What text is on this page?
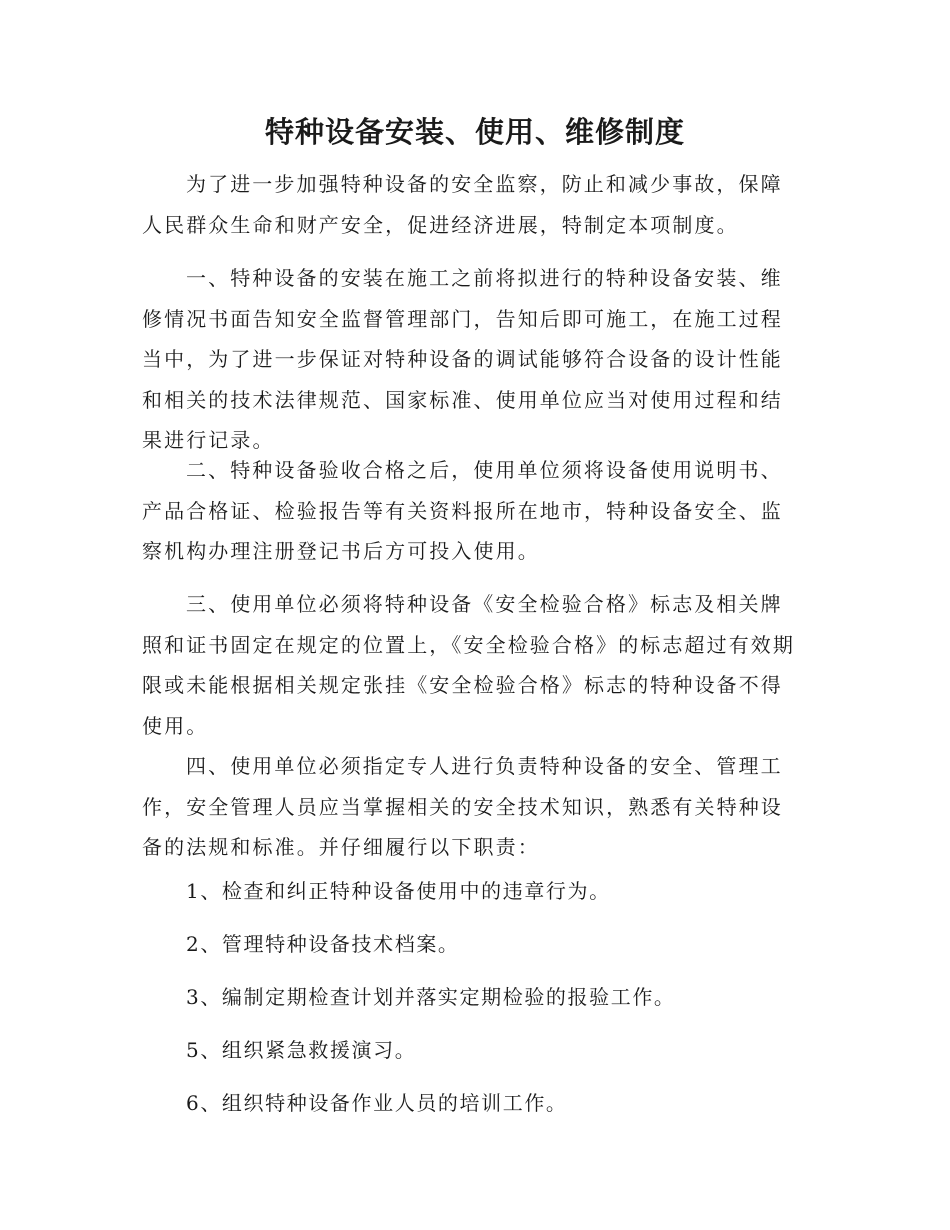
特种设备安装、使用、维修制度

为了进一步加强特种设备的安全监察，防止和减少事故，保障人民群众生命和财产安全，促进经济进展，特制定本项制度。

一、特种设备的安装在施工之前将拟进行的特种设备安装、维修情况书面告知安全监督管理部门，告知后即可施工，在施工过程当中，为了进一步保证对特种设备的调试能够符合设备的设计性能和相关的技术法律规范、国家标准、使用单位应当对使用过程和结果进行记录。

二、特种设备验收合格之后，使用单位须将设备使用说明书、产品合格证、检验报告等有关资料报所在地市，特种设备安全、监察机构办理注册登记书后方可投入使用。

三、使用单位必须将特种设备《安全检验合格》标志及相关牌照和证书固定在规定的位置上，《安全检验合格》的标志超过有效期限或未能根据相关规定张挂《安全检验合格》标志的特种设备不得使用。

四、使用单位必须指定专人进行负责特种设备的安全、管理工作，安全管理人员应当掌握相关的安全技术知识，熟悉有关特种设备的法规和标准。并仔细履行以下职责：

1、检查和纠正特种设备使用中的违章行为。

2、管理特种设备技术档案。

3、编制定期检查计划并落实定期检验的报验工作。

5、组织紧急救援演习。

6、组织特种设备作业人员的培训工作。
